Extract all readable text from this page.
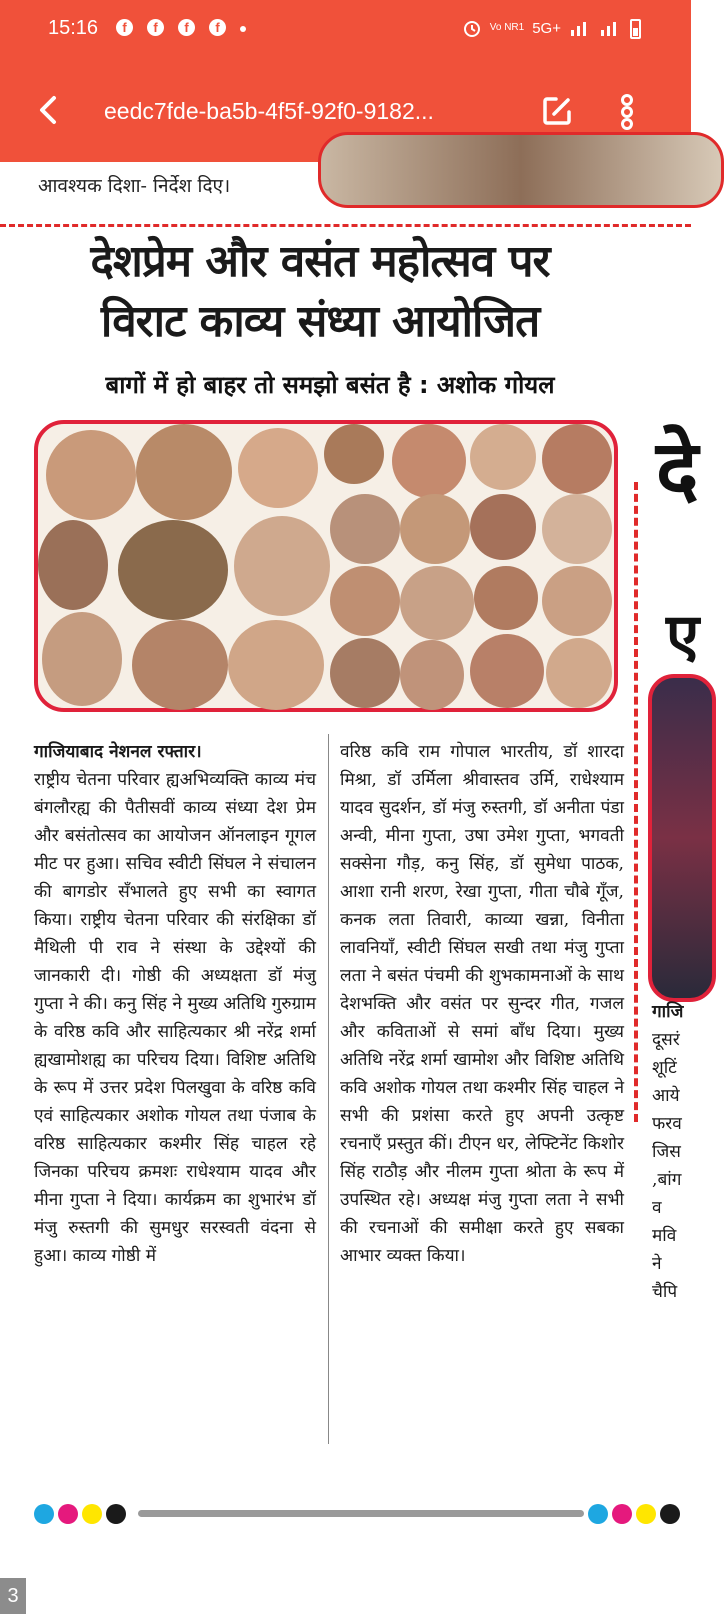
15:16	f	f	f	f	Vo NR1 5G+
eedc7fde-ba5b-4f5f-92f0-9182...
आवश्यक दिशा- निर्देश दिए।
देशप्रेम और वसंत महोत्सव पर
विराट काव्य संध्या आयोजित
बागों में हो बाहर तो समझो बसंत है : अशोक गोयल
दे
ए
गाजियाबाद नेशनल रफ्तार।
राष्ट्रीय चेतना परिवार ह्यअभिव्यक्ति काव्य मंच बंगलौरह्य की पैतीसवीं काव्य संध्या देश प्रेम और बसंतोत्सव का आयोजन ऑनलाइन गूगल मीट पर हुआ। सचिव स्वीटी सिंघल ने संचालन की बागडोर सँभालते हुए सभी का स्वागत किया। राष्ट्रीय चेतना परिवार की संरक्षिका डॉ मैथिली पी राव ने संस्था के उद्देश्यों की जानकारी दी। गोष्ठी की अध्यक्षता डॉ मंजु गुप्ता ने की। कनु सिंह ने मुख्य अतिथि गुरुग्राम के वरिष्ठ कवि और साहित्यकार श्री नरेंद्र शर्मा ह्यखामोशह्य का परिचय दिया। विशिष्ट अतिथि के रूप में उत्तर प्रदेश पिलखुवा के वरिष्ठ कवि एवं साहित्यकार अशोक गोयल तथा पंजाब के वरिष्ठ साहित्यकार कश्मीर सिंह चाहल रहे जिनका परिचय क्रमशः राधेश्याम यादव और मीना गुप्ता ने दिया। कार्यक्रम का शुभारंभ डॉ मंजु रुस्तगी की सुमधुर सरस्वती वंदना से हुआ। काव्य गोष्ठी में
वरिष्ठ कवि राम गोपाल भारतीय, डॉ शारदा मिश्रा, डॉ उर्मिला श्रीवास्तव उर्मि, राधेश्याम यादव सुदर्शन, डॉ मंजु रुस्तगी, डॉ अनीता पंडा अन्वी, मीना गुप्ता, उषा उमेश गुप्ता, भगवती सक्सेना गौड़, कनु सिंह, डॉ सुमेधा पाठक, आशा रानी शरण, रेखा गुप्ता, गीता चौबे गूँज, कनक लता तिवारी, काव्या खन्ना, विनीता लावनियाँ, स्वीटी सिंघल सखी तथा मंजु गुप्ता लता ने बसंत पंचमी की शुभकामनाओं के साथ देशभक्ति और वसंत पर सुन्दर गीत, गजल और कविताओं से समां बाँध दिया। मुख्य अतिथि नरेंद्र शर्मा खामोश और विशिष्ट अतिथि कवि अशोक गोयल तथा कश्मीर सिंह चाहल ने सभी की प्रशंसा करते हुए अपनी उत्कृष्ट रचनाएँ प्रस्तुत कीं। टीएन धर, लेफ्टिनेंट किशोर सिंह राठौड़ और नीलम गुप्ता श्रोता के रूप में उपस्थित रहे। अध्यक्ष मंजु गुप्ता लता ने सभी की रचनाओं की समीक्षा करते हुए सबका आभार व्यक्त किया।
गाजि
दूसरं
शूटिं
आये
फरव
जिस
,बांग
व
मवि
ने
चैपि
3
